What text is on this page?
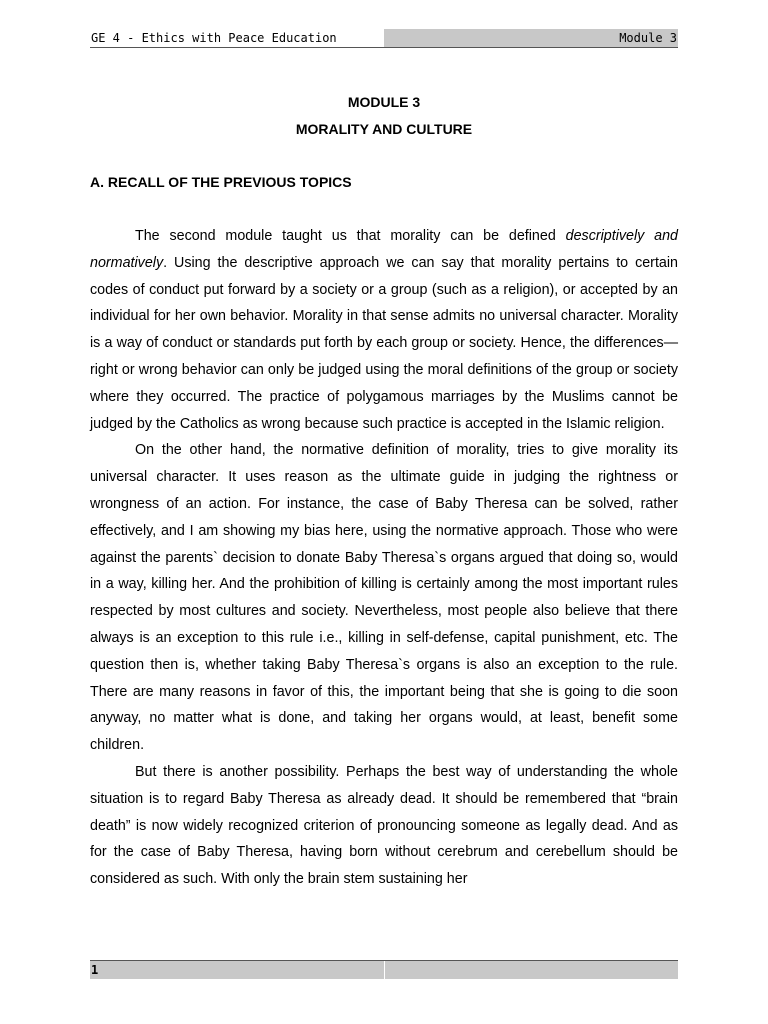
GE 4 - Ethics with Peace Education	Module 3
MODULE 3
MORALITY AND CULTURE
A. RECALL OF THE PREVIOUS TOPICS

The second module taught us that morality can be defined descriptively and normatively. Using the descriptive approach we can say that morality pertains to certain codes of conduct put forward by a society or a group (such as a religion), or accepted by an individual for her own behavior. Morality in that sense admits no universal character. Morality is a way of conduct or standards put forth by each group or society. Hence, the differences—right or wrong behavior can only be judged using the moral definitions of the group or society where they occurred. The practice of polygamous marriages by the Muslims cannot be judged by the Catholics as wrong because such practice is accepted in the Islamic religion.

On the other hand, the normative definition of morality, tries to give morality its universal character. It uses reason as the ultimate guide in judging the rightness or wrongness of an action. For instance, the case of Baby Theresa can be solved, rather effectively, and I am showing my bias here, using the normative approach. Those who were against the parents` decision to donate Baby Theresa`s organs argued that doing so, would in a way, killing her. And the prohibition of killing is certainly among the most important rules respected by most cultures and society. Nevertheless, most people also believe that there always is an exception to this rule i.e., killing in self-defense, capital punishment, etc. The question then is, whether taking Baby Theresa`s organs is also an exception to the rule. There are many reasons in favor of this, the important being that she is going to die soon anyway, no matter what is done, and taking her organs would, at least, benefit some children.

But there is another possibility. Perhaps the best way of understanding the whole situation is to regard Baby Theresa as already dead. It should be remembered that “brain death” is now widely recognized criterion of pronouncing someone as legally dead. And as for the case of Baby Theresa, having born without cerebrum and cerebellum should be considered as such. With only the brain stem sustaining her

1
